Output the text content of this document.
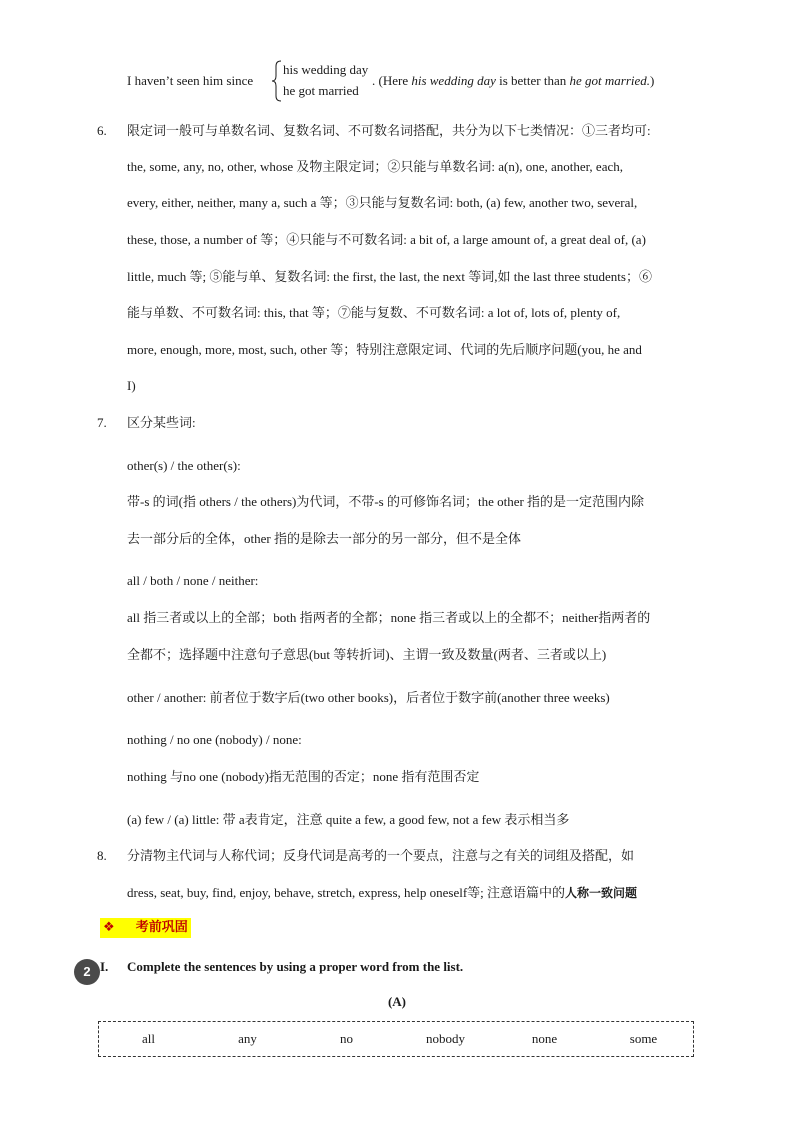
I haven’t seen him since
his wedding day
he got married
. (Here his wedding day is better than he got married.)
6. 限定词一般可与单数名词、复数名词、不可数名词搭配，共分为以下七类情况：①三者均可:
the, some, any, no, other, whose 及物主限定词；②只能与单数名词: a(n), one, another, each,
every, either, neither, many a, such a 等；③只能与复数名词: both, (a) few, another two, several,
these, those, a number of 等；④只能与不可数名词: a bit of, a large amount of, a great deal of, (a)
little, much 等; ⑤能与单、复数名词: the first, the last, the next 等词,如 the last three students；⑥
能与单数、不可数名词: this, that 等；⑦能与复数、不可数名词: a lot of, lots of, plenty of,
more, enough, more, most, such, other 等；特别注意限定词、代词的先后顺序问题(you, he and
I)
7. 区分某些词:
other(s) / the other(s):
带-s 的词(指 others / the others)为代词，不带-s 的可修饰名词；the other 指的是一定范围内除
去一部分后的全体，other 指的是除去一部分的另一部分，但不是全体
all / both / none / neither:
all 指三者或以上的全部；both 指两者的全都；none 指三者或以上的全都不；neither指两者的
全都不；选择题中注意句子意思(but 等转折词)、主谓一致及数量(两者、三者或以上)
other / another: 前者位于数字后(two other books)，后者位于数字前(another three weeks)
nothing / no one (nobody) / none:
nothing 与no one (nobody)指无范围的否定；none 指有范围否定
(a) few / (a) little: 带 a表肯定，注意 quite a few, a good few, not a few 表示相当多
8. 分清物主代词与人称代词；反身代词是高考的一个要点，注意与之有关的词组及搭配，如
dress, seat, buy, find, enjoy, behave, stretch, express, help oneself等; 注意语篇中的人称一致问题
❖ 考前巩固
2 I. Complete the sentences by using a proper word from the list.
(A)
all	any	no	nobody	none	some
